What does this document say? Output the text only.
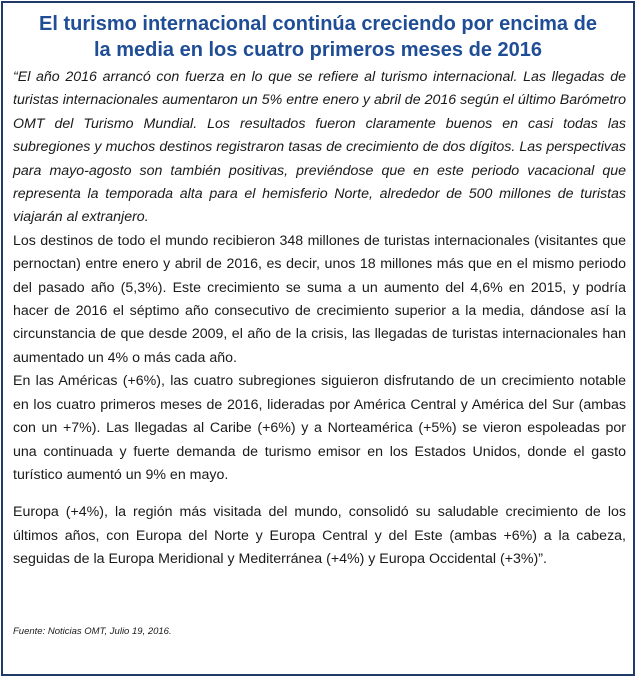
El turismo internacional continúa creciendo por encima de la media en los cuatro primeros meses de 2016

“El año 2016 arrancó con fuerza en lo que se refiere al turismo internacional. Las llegadas de turistas internacionales aumentaron un 5% entre enero y abril de 2016 según el último Barómetro OMT del Turismo Mundial. Los resultados fueron claramente buenos en casi todas las subregiones y muchos destinos registraron tasas de crecimiento de dos dígitos. Las perspectivas para mayo-agosto son también positivas, previéndose que en este periodo vacacional que representa la temporada alta para el hemisferio Norte, alrededor de 500 millones de turistas viajarán al extranjero.

Los destinos de todo el mundo recibieron 348 millones de turistas internacionales (visitantes que pernoctan) entre enero y abril de 2016, es decir, unos 18 millones más que en el mismo periodo del pasado año (5,3%). Este crecimiento se suma a un aumento del 4,6% en 2015, y podría hacer de 2016 el séptimo año consecutivo de crecimiento superior a la media, dándose así la circunstancia de que desde 2009, el año de la crisis, las llegadas de turistas internacionales han aumentado un 4% o más cada año.

En las Américas (+6%), las cuatro subregiones siguieron disfrutando de un crecimiento notable en los cuatro primeros meses de 2016, lideradas por América Central y América del Sur (ambas con un +7%). Las llegadas al Caribe (+6%) y a Norteamérica (+5%) se vieron espoleadas por una continuada y fuerte demanda de turismo emisor en los Estados Unidos, donde el gasto turístico aumentó un 9% en mayo.

Europa (+4%), la región más visitada del mundo, consolidó su saludable crecimiento de los últimos años, con Europa del Norte y Europa Central y del Este (ambas +6%) a la cabeza, seguidas de la Europa Meridional y Mediterránea (+4%) y Europa Occidental (+3%)”.

Fuente: Noticias OMT, Julio 19, 2016.
